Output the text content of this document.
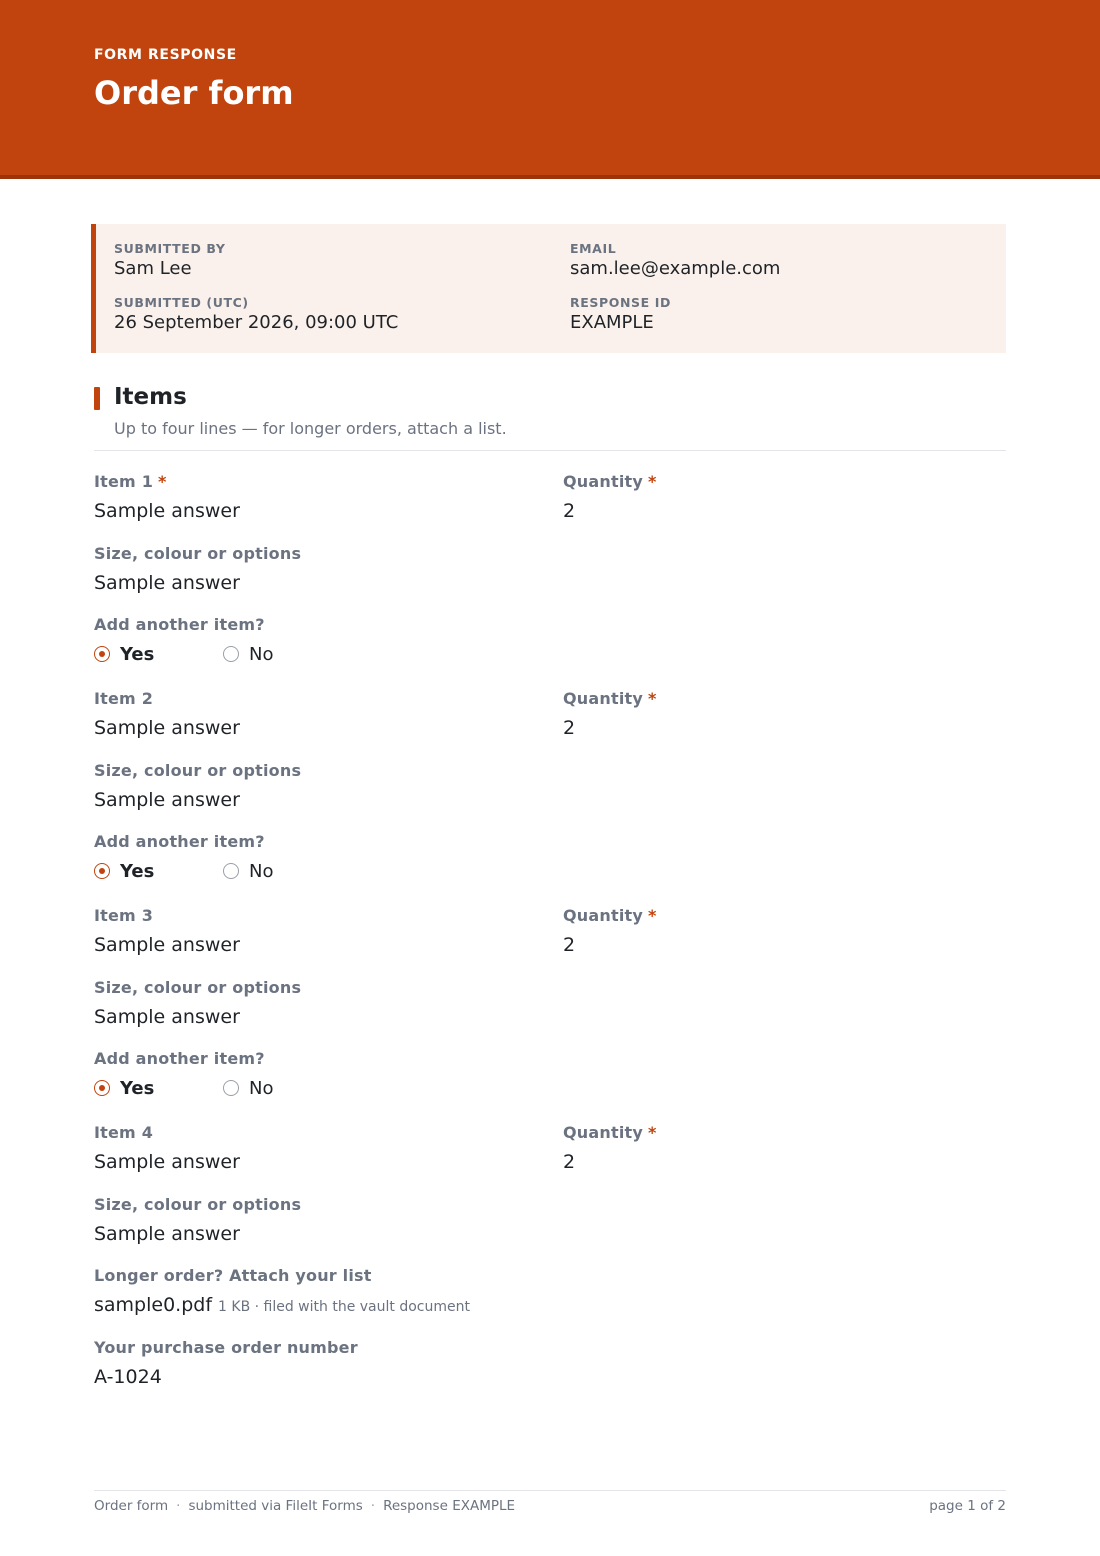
FORM RESPONSE
Order form
SUBMITTED BY
Sam Lee
EMAIL
sam.lee@example.com
SUBMITTED (UTC)
26 September 2026, 09:00 UTC
RESPONSE ID
EXAMPLE
Items
Up to four lines — for longer orders, attach a list.
Item 1 *
Sample answer
Quantity *
2
Size, colour or options
Sample answer
Add another item?
Yes	No
Item 2
Sample answer
Quantity *
2
Size, colour or options
Sample answer
Add another item?
Yes	No
Item 3
Sample answer
Quantity *
2
Size, colour or options
Sample answer
Add another item?
Yes	No
Item 4
Sample answer
Quantity *
2
Size, colour or options
Sample answer
Longer order? Attach your list
sample0.pdf 1 KB · filed with the vault document
Your purchase order number
A-1024
Order form · submitted via FileIt Forms · Response EXAMPLE	page 1 of 2
